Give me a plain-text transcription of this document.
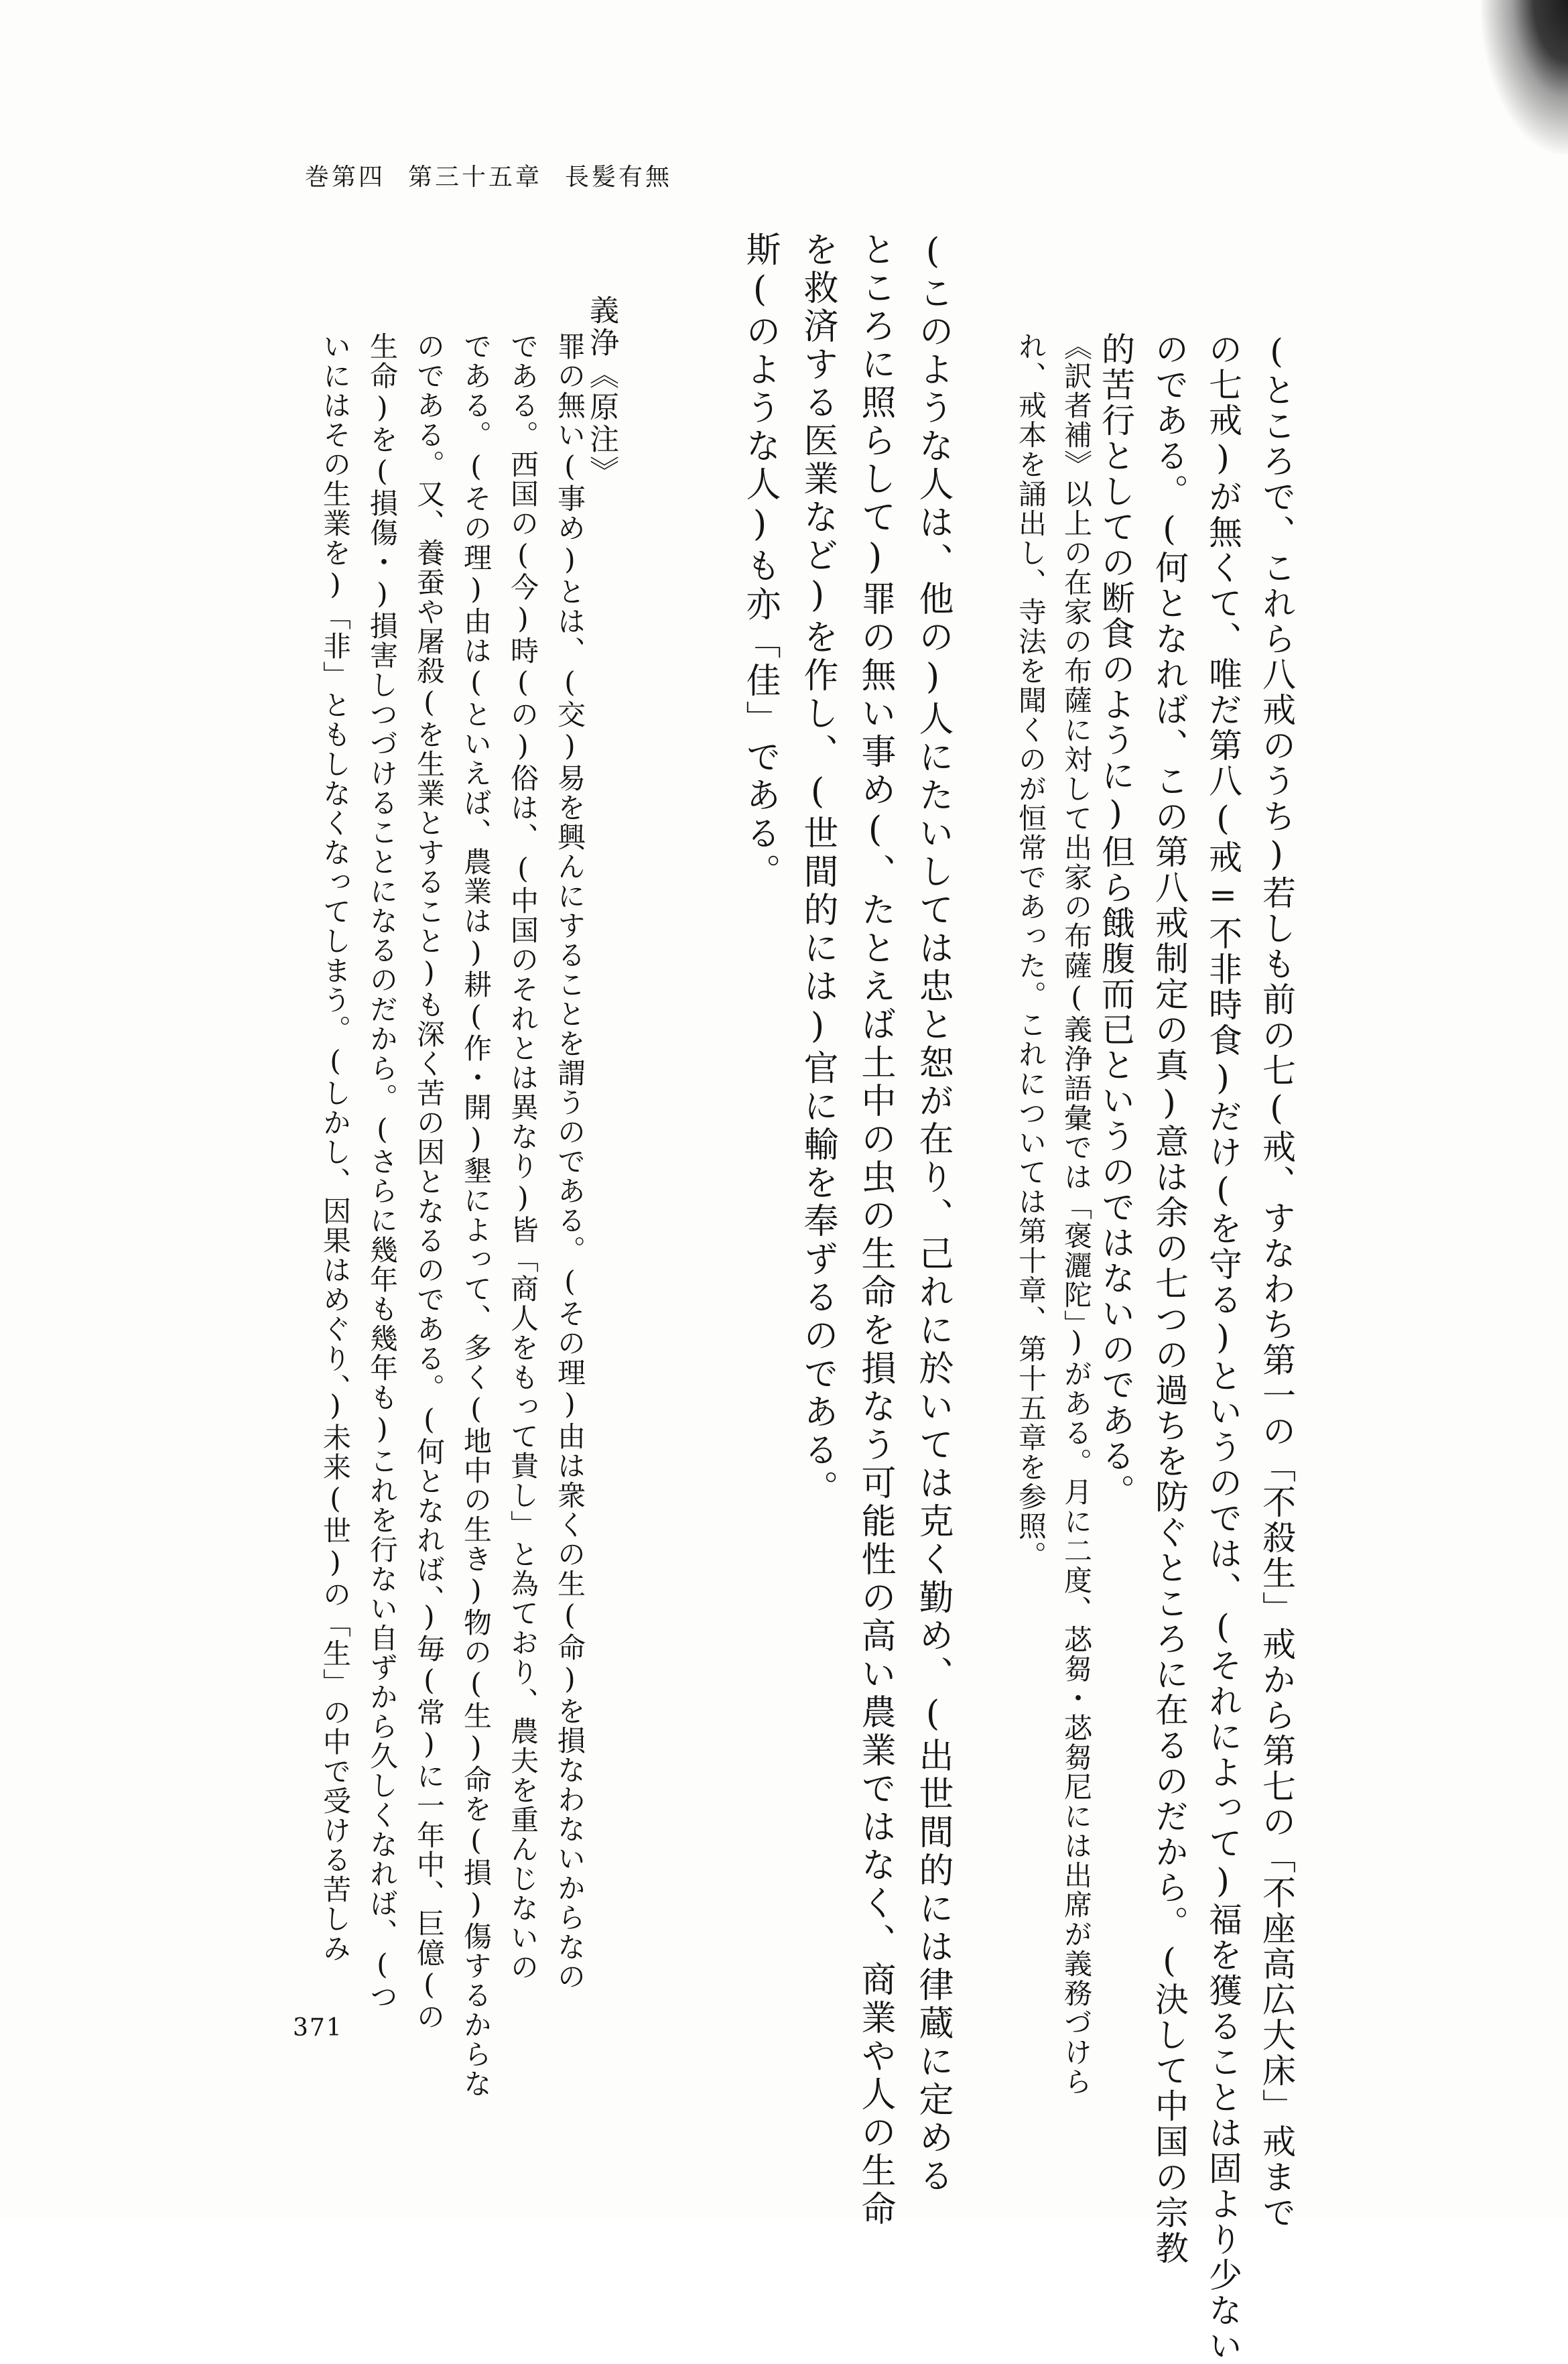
巻第四 第三十五章 長髪有無

(ところで、これら八戒のうち)若しも前の七(戒、すなわち第一の「不殺生」戒から第七の「不座高広大床」戒まで

の七戒)が無くて、唯だ第八(戒=不非時食)だけ(を守る)というのでは、(それによって)福を獲ることは固より少ない

のである。(何となれば、この第八戒制定の真)意は余の七つの過ちを防ぐところに在るのだから。(決して中国の宗教

的苦行としての断食のように)但ら餓腹而已というのではないのである。

《訳者補》以上の在家の布薩に対して出家の布薩(義浄語彙では「褒灑陀」)がある。月に二度、苾芻・苾芻尼には出席が義務づけら

れ、戒本を誦出し、寺法を聞くのが恒常であった。これについては第十章、第十五章を参照。

(このような人は、他の)人にたいしては忠と恕が在り、己れに於いては克く勤め、(出世間的には律蔵に定める

ところに照らして)罪の無い事め(、たとえば土中の虫の生命を損なう可能性の高い農業ではなく、商業や人の生命

を救済する医業など)を作し、(世間的には)官に輸を奉ずるのである。

斯(のような人)も亦「佳」である。

義浄《原注》

罪の無い(事め)とは、(交)易を興んにすることを謂うのである。(その理)由は衆くの生(命)を損なわないからなの

である。西国の(今)時(の)俗は、(中国のそれとは異なり)皆「商人をもって貴し」と為ており、農夫を重んじないの

である。(その理)由は(といえば、農業は)耕(作・開)墾によって、多く(地中の生き)物の(生)命を(損)傷するからな

のである。又、養蚕や屠殺(を生業とすること)も深く苦の因となるのである。(何となれば、)毎(常)に一年中、巨億(の

生命)を(損傷・)損害しつづけることになるのだから。(さらに幾年も幾年も)これを行ない自ずから久しくなれば、(つ

いにはその生業を)「非」ともしなくなってしまう。(しかし、因果はめぐり、)未来(世)の「生」の中で受ける苦しみ

371
